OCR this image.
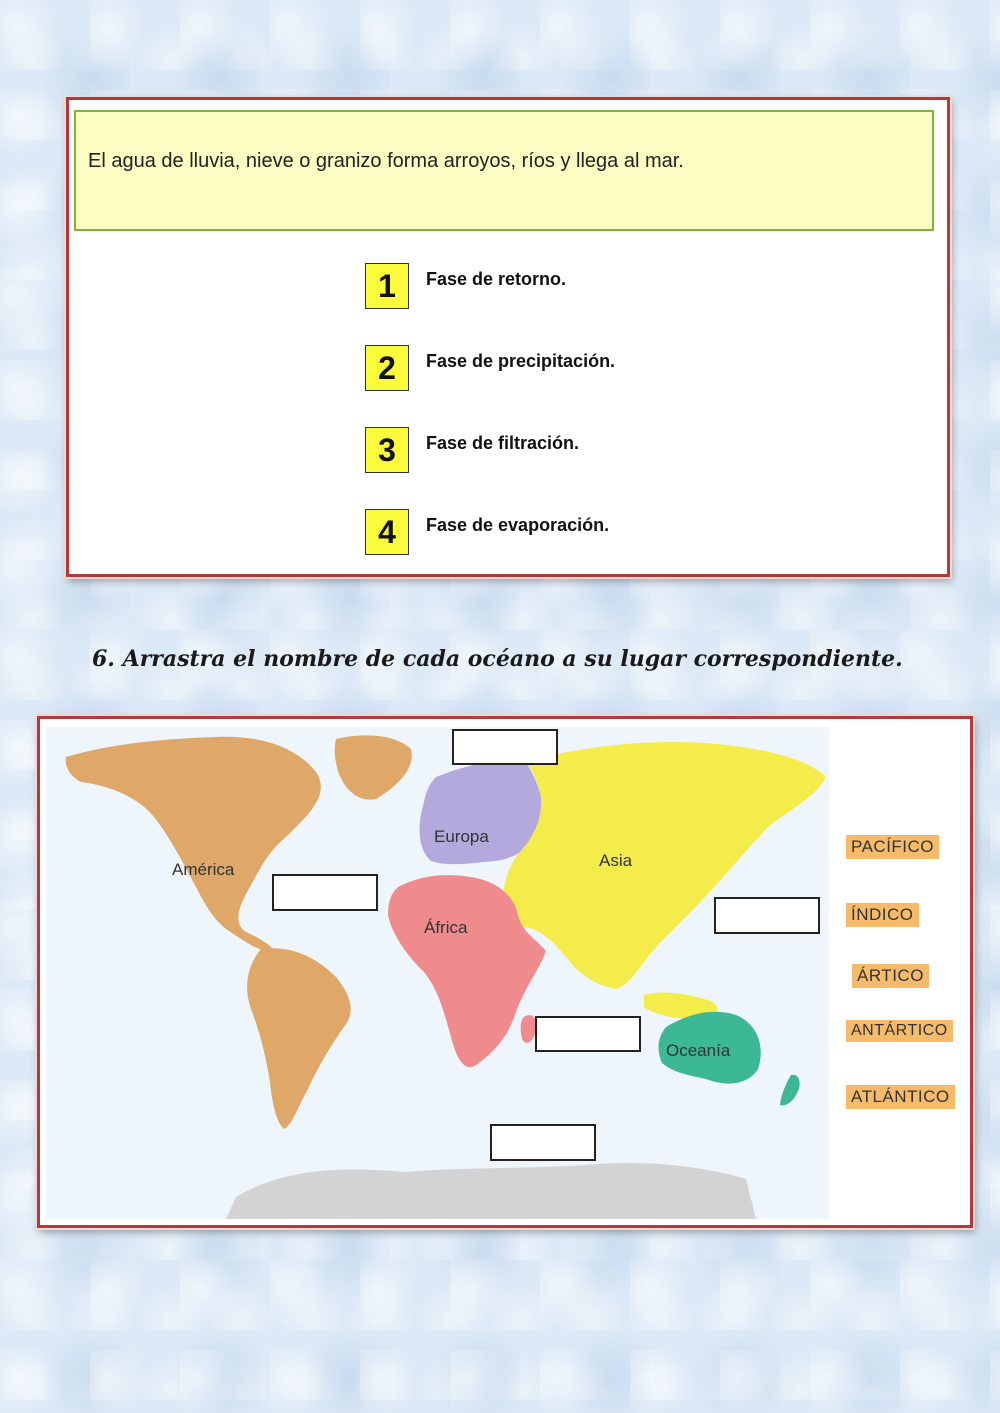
El agua de lluvia, nieve o granizo forma arroyos, ríos y llega al mar.
1	Fase de retorno.
2	Fase de precipitación.
3	Fase de filtración.
4	Fase de evaporación.
6. Arrastra el nombre de cada océano a su lugar correspondiente.
América
Europa
Asia
África
Oceanía
PACÍFICO
ÍNDICO
ÁRTICO
ANTÁRTICO
ATLÁNTICO
